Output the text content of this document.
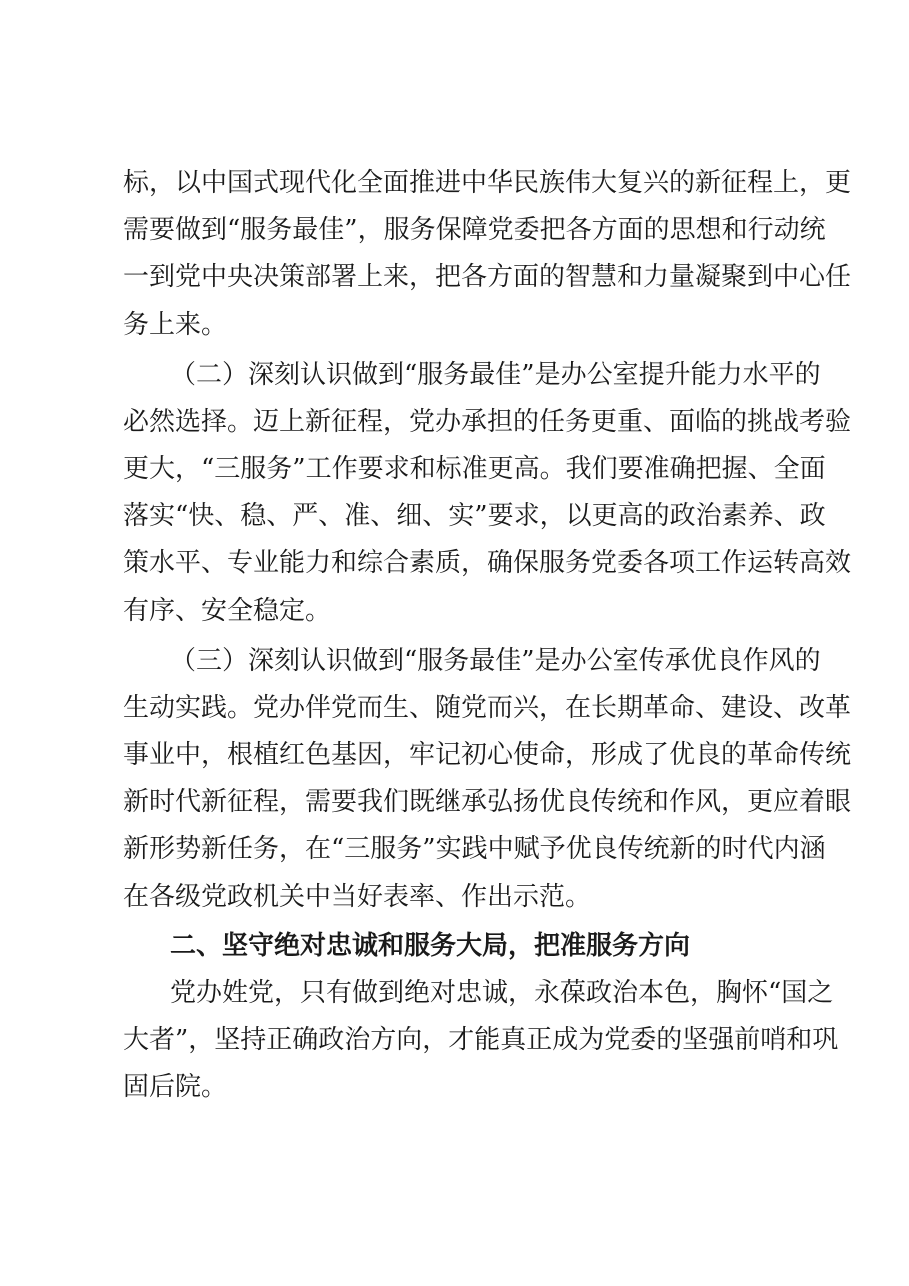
标，以中国式现代化全面推进中华民族伟大复兴的新征程上，更

需要做到“服务最佳”，服务保障党委把各方面的思想和行动统

一到党中央决策部署上来，把各方面的智慧和力量凝聚到中心任

务上来。

（二）深刻认识做到“服务最佳”是办公室提升能力水平的

必然选择。迈上新征程，党办承担的任务更重、面临的挑战考验

更大，“三服务”工作要求和标准更高。我们要准确把握、全面

落实“快、稳、严、准、细、实”要求，以更高的政治素养、政

策水平、专业能力和综合素质，确保服务党委各项工作运转高效

有序、安全稳定。

（三）深刻认识做到“服务最佳”是办公室传承优良作风的

生动实践。党办伴党而生、随党而兴，在长期革命、建设、改革

事业中，根植红色基因，牢记初心使命，形成了优良的革命传统

新时代新征程，需要我们既继承弘扬优良传统和作风，更应着眼

新形势新任务，在“三服务”实践中赋予优良传统新的时代内涵

在各级党政机关中当好表率、作出示范。

二、坚守绝对忠诚和服务大局，把准服务方向

党办姓党，只有做到绝对忠诚，永葆政治本色，胸怀“国之

大者”，坚持正确政治方向，才能真正成为党委的坚强前哨和巩

固后院。
